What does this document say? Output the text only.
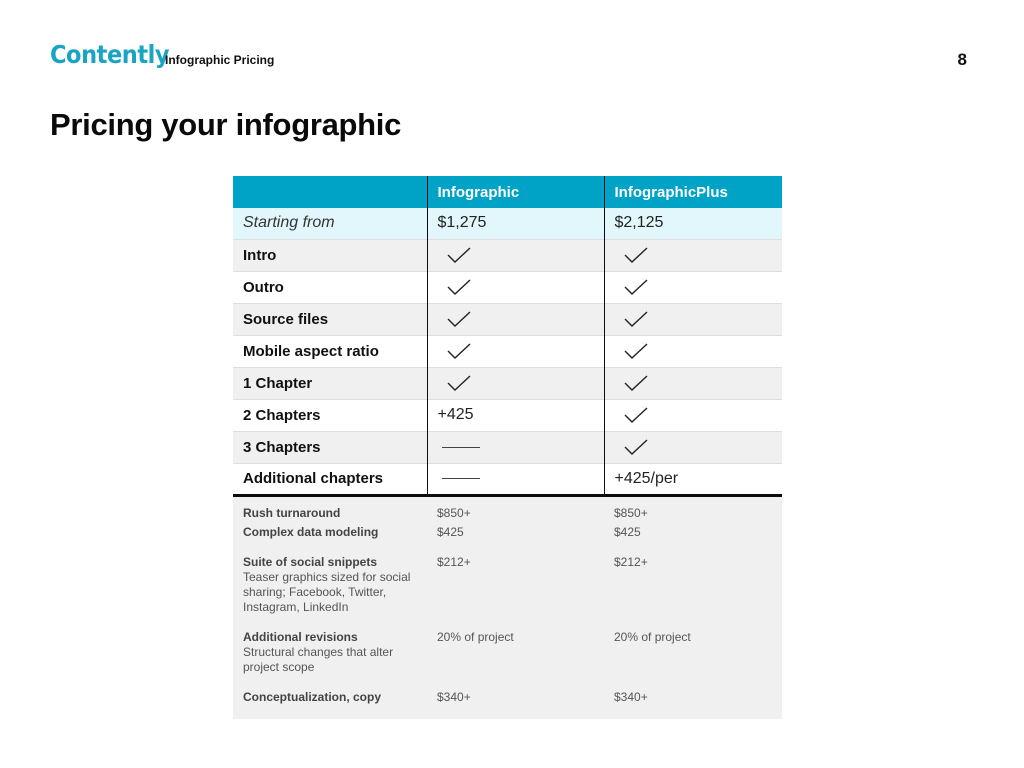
Contently
Infographic Pricing	8
Pricing your infographic
	Infographic	InfographicPlus
Starting from	$1,275	$2,125
Intro	

Outro	

Source files	

Mobile aspect ratio	

1 Chapter	

2 Chapters	+425	

3 Chapters	

Additional chapters		+425/per

Rush turnaround	$850+	$850+

Complex data modeling	$425	$425

Suite of social snippets
Teaser graphics sized for social sharing; Facebook, Twitter, Instagram, LinkedIn	$212+	$212+

Additional revisions
Structural changes that alter project scope	20% of project	20% of project

Conceptualization, copy	$340+	$340+
